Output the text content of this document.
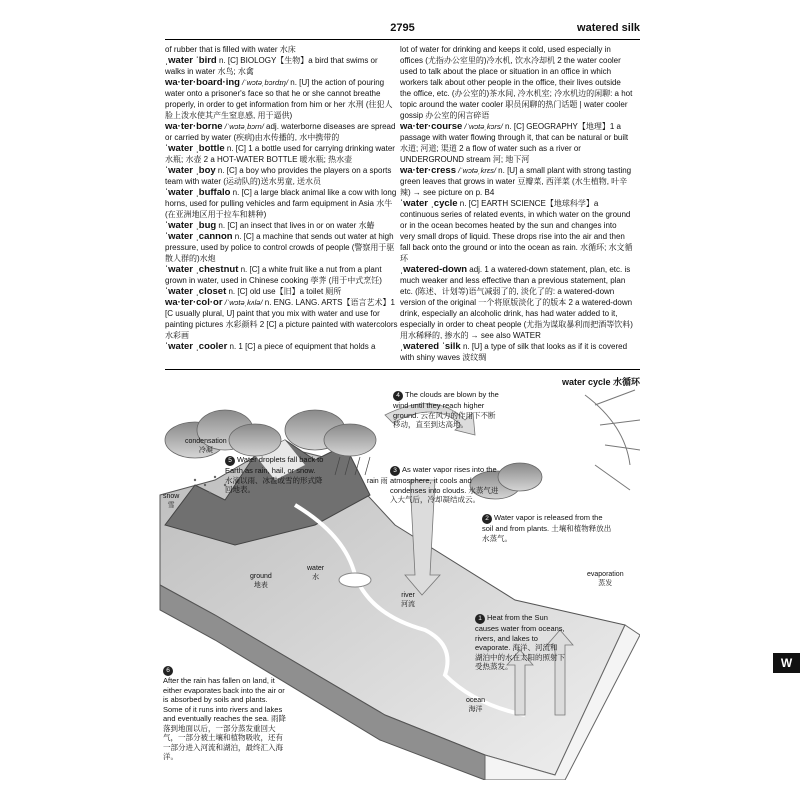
2795	watered silk
of rubber that is filled with water 水床
ˌwater ˈbird n. [C] BIOLOGY【生物】a bird that swims or walks in water 水鸟; 水禽
wa·ter·board·ing /ˈwɔtəˌbɔrdɪŋ/ n. [U] the action of pouring water onto a prisoner's face so that he or she cannot breathe properly, in order to get information from him or her 水刑 (往犯人脸上泼水使其产生窒息感, 用于逼供)
wa·ter·borne /ˈwɔtəˌbɔrn/ adj. waterborne diseases are spread or carried by water (疾病)由水传播的, 水中携带的
ˈwater ˌbottle n. [C] 1 a bottle used for carrying drinking water 水瓶; 水壶 2 a HOT-WATER BOTTLE 暖水瓶; 热水壶
ˈwater ˌboy n. [C] a boy who provides the players on a sports team with water (运动队的)送水男童, 送水员
ˈwater ˌbuffalo n. [C] a large black animal like a cow with long horns, used for pulling vehicles and farm equipment in Asia 水牛 (在亚洲地区用于拉车和耕种)
ˈwater ˌbug n. [C] an insect that lives in or on water 水蝽
ˈwater ˌcannon n. [C] a machine that sends out water at high pressure, used by police to control crowds of people (警察用于驱散人群的)水炮
ˈwater ˌchestnut n. [C] a white fruit like a nut from a plant grown in water, used in Chinese cooking 荸荠 (用于中式烹饪)
ˈwater ˌcloset n. [C] old use【旧】a toilet 厕所
wa·ter·col·or /ˈwɔtəˌkʌlə/ n. ENG. LANG. ARTS【语言艺术】1 [C usually plural, U] paint that you mix with water and use for painting pictures 水彩颜料 2 [C] a picture painted with watercolors 水彩画
ˈwater ˌcooler n. 1 [C] a piece of equipment that holds a
lot of water for drinking and keeps it cold, used especially in offices (尤指办公室里的)冷水机, 饮水冷却机 2 the water cooler used to talk about the place or situation in an office in which workers talk about other people in the office, their lives outside the office, etc. (办公室的)茶水间, 冷水机室; 冷水机边的闲聊: a hot topic around the water cooler 职员闲聊的热门话题 | water cooler gossip 办公室的闲言碎语
wa·ter·course /ˈwɔtəˌkɔrs/ n. [C] GEOGRAPHY【地理】1 a passage with water flowing through it, that can be natural or built 水道; 河道; 渠道 2 a flow of water such as a river or UNDERGROUND stream 河; 地下河
wa·ter·cress /ˈwɔtəˌkrɛs/ n. [U] a small plant with strong tasting green leaves that grows in water 豆瓣菜, 西洋菜 (水生植物, 叶辛辣) → see picture on p. B4
ˈwater ˌcycle n. [C] EARTH SCIENCE【地球科学】a continuous series of related events, in which water on the ground or in the ocean becomes heated by the sun and changes into very small drops of liquid. These drops rise into the air and then fall back onto the ground or into the ocean as rain. 水循环; 水文循环
ˌwatered-down adj. 1 a watered-down statement, plan, etc. is much weaker and less effective than a previous statement, plan etc. (陈述、计划等)语气减弱了的, 淡化了的: a watered-down version of the original 一个将原版淡化了的版本 2 a watered-down drink, especially an alcoholic drink, has had water added to it, especially in order to cheat people (尤指为谋取暴利而把酒等饮料)用水稀释的, 掺水的 → see also WATER
ˌwatered ˈsilk n. [U] a type of silk that looks as if it is covered with shiny waves 波纹绸
water cycle 水循环
condensation
冷凝
snow
雪
rain 雨
water
水
ground
地表
river
河流
ocean
海洋
evaporation
蒸发
4 The clouds are blown by the wind until they reach higher ground. 云在风力的作用下不断移动，直至到达高地。
5 Water droplets fall back to Earth as rain, hail, or snow. 水滴以雨、冰雹或雪的形式降回地表。
3 As water vapor rises into the atmosphere, it cools and condenses into clouds. 水蒸气进入大气后，冷却凝结成云。
2 Water vapor is released from the soil and from plants. 土壤和植物释放出水蒸气。
1 Heat from the Sun causes water from oceans, rivers, and lakes to evaporate. 海洋、河流和湖泊中的水在太阳的照射下受热蒸发。
6
After the rain has fallen on land, it either evaporates back into the air or is absorbed by soils and plants. Some of it runs into rivers and lakes and eventually reaches the sea. 雨降落到地面以后，一部分蒸发重回大气，一部分被土壤和植物吸收，还有一部分进入河流和湖泊，最终汇入海洋。
W
